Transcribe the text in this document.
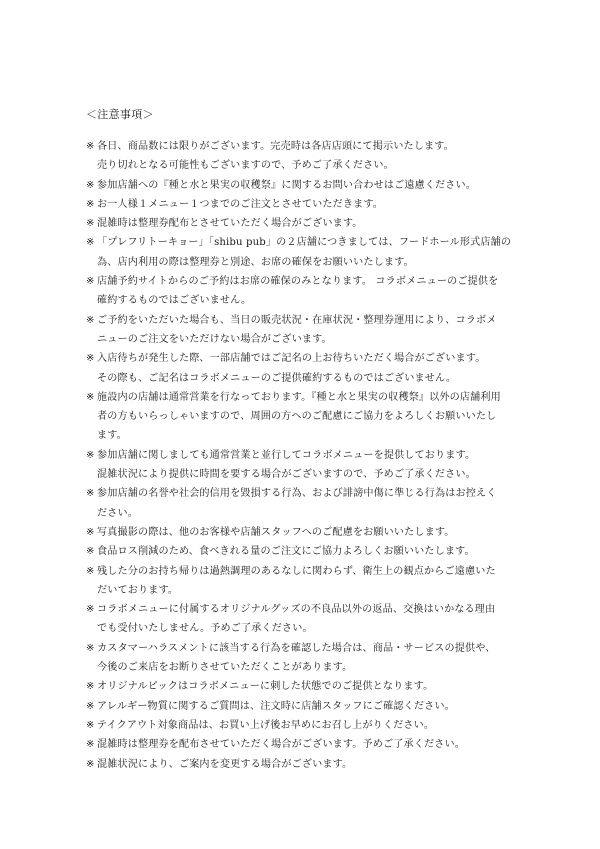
＜注意事項＞
※ 各日、商品数には限りがございます。完売時は各店店頭にて掲示いたします。
売り切れとなる可能性もございますので、予めご了承ください。
※ 参加店舗への『種と水と果実の収穫祭』に関するお問い合わせはご遠慮ください。
※ お一人様１メニュー１つまでのご注文とさせていただきます。
※ 混雑時は整理券配布とさせていただく場合がございます。
※ 「プレフリトーキョー」「shibu pub」の２店舗につきましては、フードホール形式店舗の
為、店内利用の際は整理券と別途、お席の確保をお願いいたします。
※ 店舗予約サイトからのご予約はお席の確保のみとなります。 コラボメニューのご提供を
確約するものではございません。
※ ご予約をいただいた場合も、当日の販売状況・在庫状況・整理券運用により、コラボメ
ニューのご注文をいただけない場合がございます。
※ 入店待ちが発生した際、一部店舗ではご記名の上お待ちいただく場合がございます。
その際も、ご記名はコラボメニューのご提供確約するものではございません。
※ 施設内の店舗は通常営業を行なっております。『種と水と果実の収穫祭』以外の店舗利用
者の方もいらっしゃいますので、周囲の方へのご配慮にご協力をよろしくお願いいたし
ます。
※ 参加店舗に関しましても通常営業と並行してコラボメニューを提供しております。
混雑状況により提供に時間を要する場合がございますので、予めご了承ください。
※ 参加店舗の名誉や社会的信用を毀損する行為、および誹謗中傷に準じる行為はお控えく
ださい。
※ 写真撮影の際は、他のお客様や店舗スタッフへのご配慮をお願いいたします。
※ 食品ロス削減のため、食べきれる量のご注文にご協力よろしくお願いいたします。
※ 残した分のお持ち帰りは過熱調理のあるなしに関わらず、衛生上の観点からご遠慮いた
だいております。
※ コラボメニューに付属するオリジナルグッズの不良品以外の返品、交換はいかなる理由
でも受付いたしません。予めご了承ください。
※ カスタマーハラスメントに該当する行為を確認した場合は、商品・サービスの提供や、
今後のご来店をお断りさせていただくことがあります。
※ オリジナルピックはコラボメニューに刺した状態でのご提供となります。
※ アレルギー物質に関するご質問は、注文時に店舗スタッフにご確認ください。
※ テイクアウト対象商品は、お買い上げ後お早めにお召し上がりください。
※ 混雑時は整理券を配布させていただく場合がございます。予めご了承ください。
※ 混雑状況により、ご案内を変更する場合がございます。
